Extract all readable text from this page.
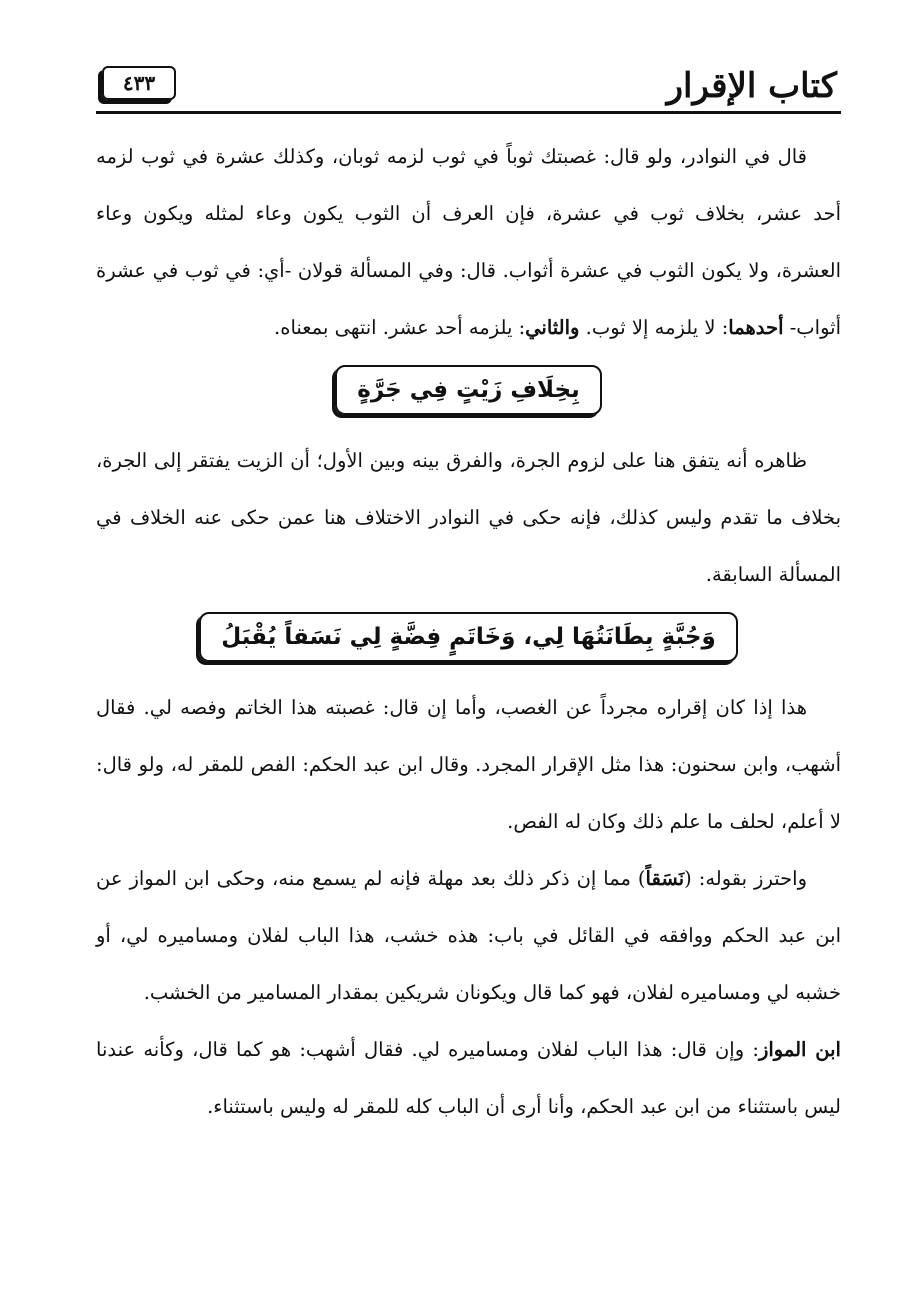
كتاب الإقرار
٤٣٣

قال في النوادر، ولو قال: غصبتك ثوباً في ثوب لزمه ثوبان، وكذلك عشرة في ثوب لزمه أحد عشر، بخلاف ثوب في عشرة، فإن العرف أن الثوب يكون وعاء لمثله ويكون وعاء العشرة، ولا يكون الثوب في عشرة أثواب. قال: وفي المسألة قولان -أي: في ثوب في عشرة أثواب- أحدهما: لا يلزمه إلا ثوب. والثاني: يلزمه أحد عشر. انتهى بمعناه.

بِخِلَافِ زَيْتٍ فِي جَرَّةٍ

ظاهره أنه يتفق هنا على لزوم الجرة، والفرق بينه وبين الأول؛ أن الزيت يفتقر إلى الجرة، بخلاف ما تقدم وليس كذلك، فإنه حكى في النوادر الاختلاف هنا عمن حكى عنه الخلاف في المسألة السابقة.

وَجُبَّةٍ بِطَانَتُهَا لِي، وَخَاتَمٍ فِضَّةٍ لِي نَسَقاً يُقْبَلُ

هذا إذا كان إقراره مجرداً عن الغصب، وأما إن قال: غصبته هذا الخاتم وفصه لي. فقال أشهب، وابن سحنون: هذا مثل الإقرار المجرد. وقال ابن عبد الحكم: الفص للمقر له، ولو قال: لا أعلم، لحلف ما علم ذلك وكان له الفص.

واحترز بقوله: (نَسَقاً) مما إن ذكر ذلك بعد مهلة فإنه لم يسمع منه، وحكى ابن المواز عن ابن عبد الحكم ووافقه في القائل في باب: هذه خشب، هذا الباب لفلان ومساميره لي، أو خشبه لي ومساميره لفلان، فهو كما قال ويكونان شريكين بمقدار المسامير من الخشب.

ابن المواز: وإن قال: هذا الباب لفلان ومساميره لي. فقال أشهب: هو كما قال، وكأنه عندنا ليس باستثناء من ابن عبد الحكم، وأنا أرى أن الباب كله للمقر له وليس باستثناء.
